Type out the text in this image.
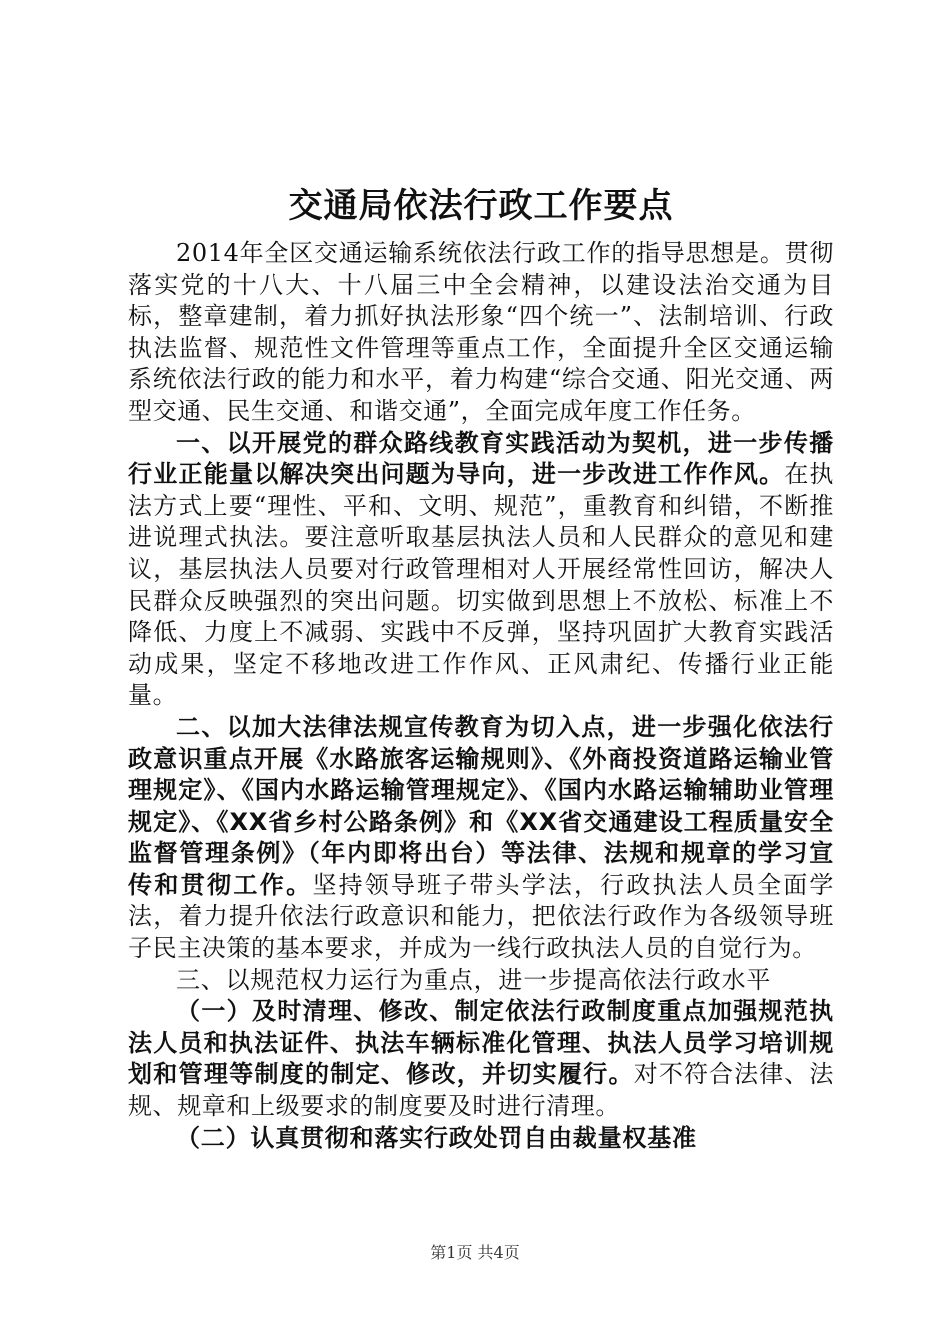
交通局依法行政工作要点

2014年全区交通运输系统依法行政工作的指导思想是。贯彻落实党的十八大、十八届三中全会精神，以建设法治交通为目标，整章建制，着力抓好执法形象“四个统一”、法制培训、行政执法监督、规范性文件管理等重点工作，全面提升全区交通运输系统依法行政的能力和水平，着力构建“综合交通、阳光交通、两型交通、民生交通、和谐交通”，全面完成年度工作任务。

一、以开展党的群众路线教育实践活动为契机，进一步传播行业正能量以解决突出问题为导向，进一步改进工作作风。在执法方式上要“理性、平和、文明、规范”，重教育和纠错，不断推进说理式执法。要注意听取基层执法人员和人民群众的意见和建议，基层执法人员要对行政管理相对人开展经常性回访，解决人民群众反映强烈的突出问题。切实做到思想上不放松、标准上不降低、力度上不减弱、实践中不反弹，坚持巩固扩大教育实践活动成果，坚定不移地改进工作作风、正风肃纪、传播行业正能量。

二、以加大法律法规宣传教育为切入点，进一步强化依法行政意识重点开展《水路旅客运输规则》、《外商投资道路运输业管理规定》、《国内水路运输管理规定》、《国内水路运输辅助业管理规定》、《XX省乡村公路条例》和《XX省交通建设工程质量安全监督管理条例》（年内即将出台）等法律、法规和规章的学习宣传和贯彻工作。坚持领导班子带头学法，行政执法人员全面学法，着力提升依法行政意识和能力，把依法行政作为各级领导班子民主决策的基本要求，并成为一线行政执法人员的自觉行为。

三、以规范权力运行为重点，进一步提高依法行政水平

（一）及时清理、修改、制定依法行政制度重点加强规范执法人员和执法证件、执法车辆标准化管理、执法人员学习培训规划和管理等制度的制定、修改，并切实履行。对不符合法律、法规、规章和上级要求的制度要及时进行清理。

（二）认真贯彻和落实行政处罚自由裁量权基准

第1页 共4页
